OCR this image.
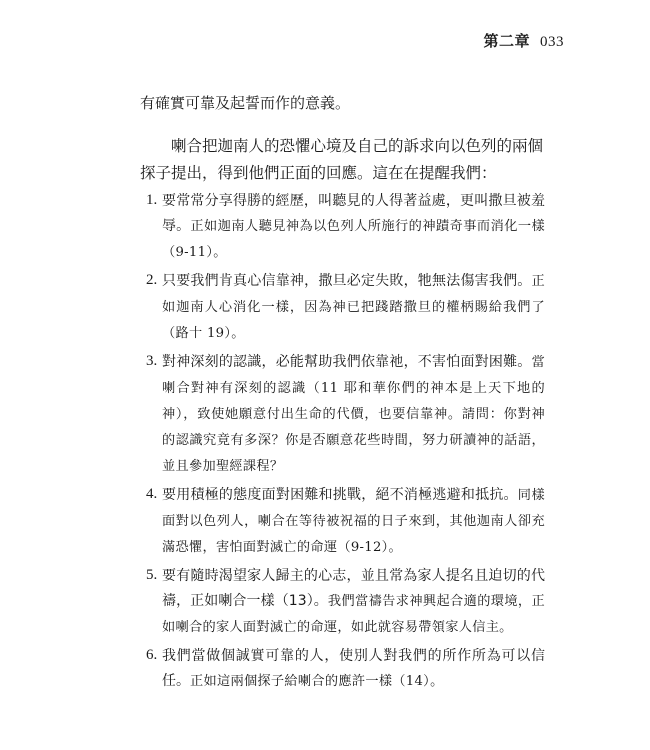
第二章 033

有確實可靠及起誓而作的意義。

喇合把迦南人的恐懼心境及自己的訴求向以色列的兩個探子提出，得到他們正面的回應。這在在提醒我們：

1. 要常常分享得勝的經歷，叫聽見的人得著益處，更叫撒旦被羞辱。正如迦南人聽見神為以色列人所施行的神蹟奇事而消化一樣（9-11）。
2. 只要我們肯真心信靠神，撒旦必定失敗，牠無法傷害我們。正如迦南人心消化一樣，因為神已把踐踏撒旦的權柄賜給我們了（路十 19）。
3. 對神深刻的認識，必能幫助我們依靠祂，不害怕面對困難。當喇合對神有深刻的認識（11 耶和華你們的神本是上天下地的神），致使她願意付出生命的代價，也要信靠神。請問：你對神的認識究竟有多深？你是否願意花些時間，努力研讀神的話語，並且參加聖經課程？
4. 要用積極的態度面對困難和挑戰，絕不消極逃避和抵抗。同樣面對以色列人，喇合在等待被祝福的日子來到，其他迦南人卻充滿恐懼，害怕面對滅亡的命運（9-12）。
5. 要有隨時渴望家人歸主的心志，並且常為家人提名且迫切的代禱，正如喇合一樣（13）。我們當禱告求神興起合適的環境，正如喇合的家人面對滅亡的命運，如此就容易帶領家人信主。
6. 我們當做個誠實可靠的人，使別人對我們的所作所為可以信任。正如這兩個探子給喇合的應許一樣（14）。
